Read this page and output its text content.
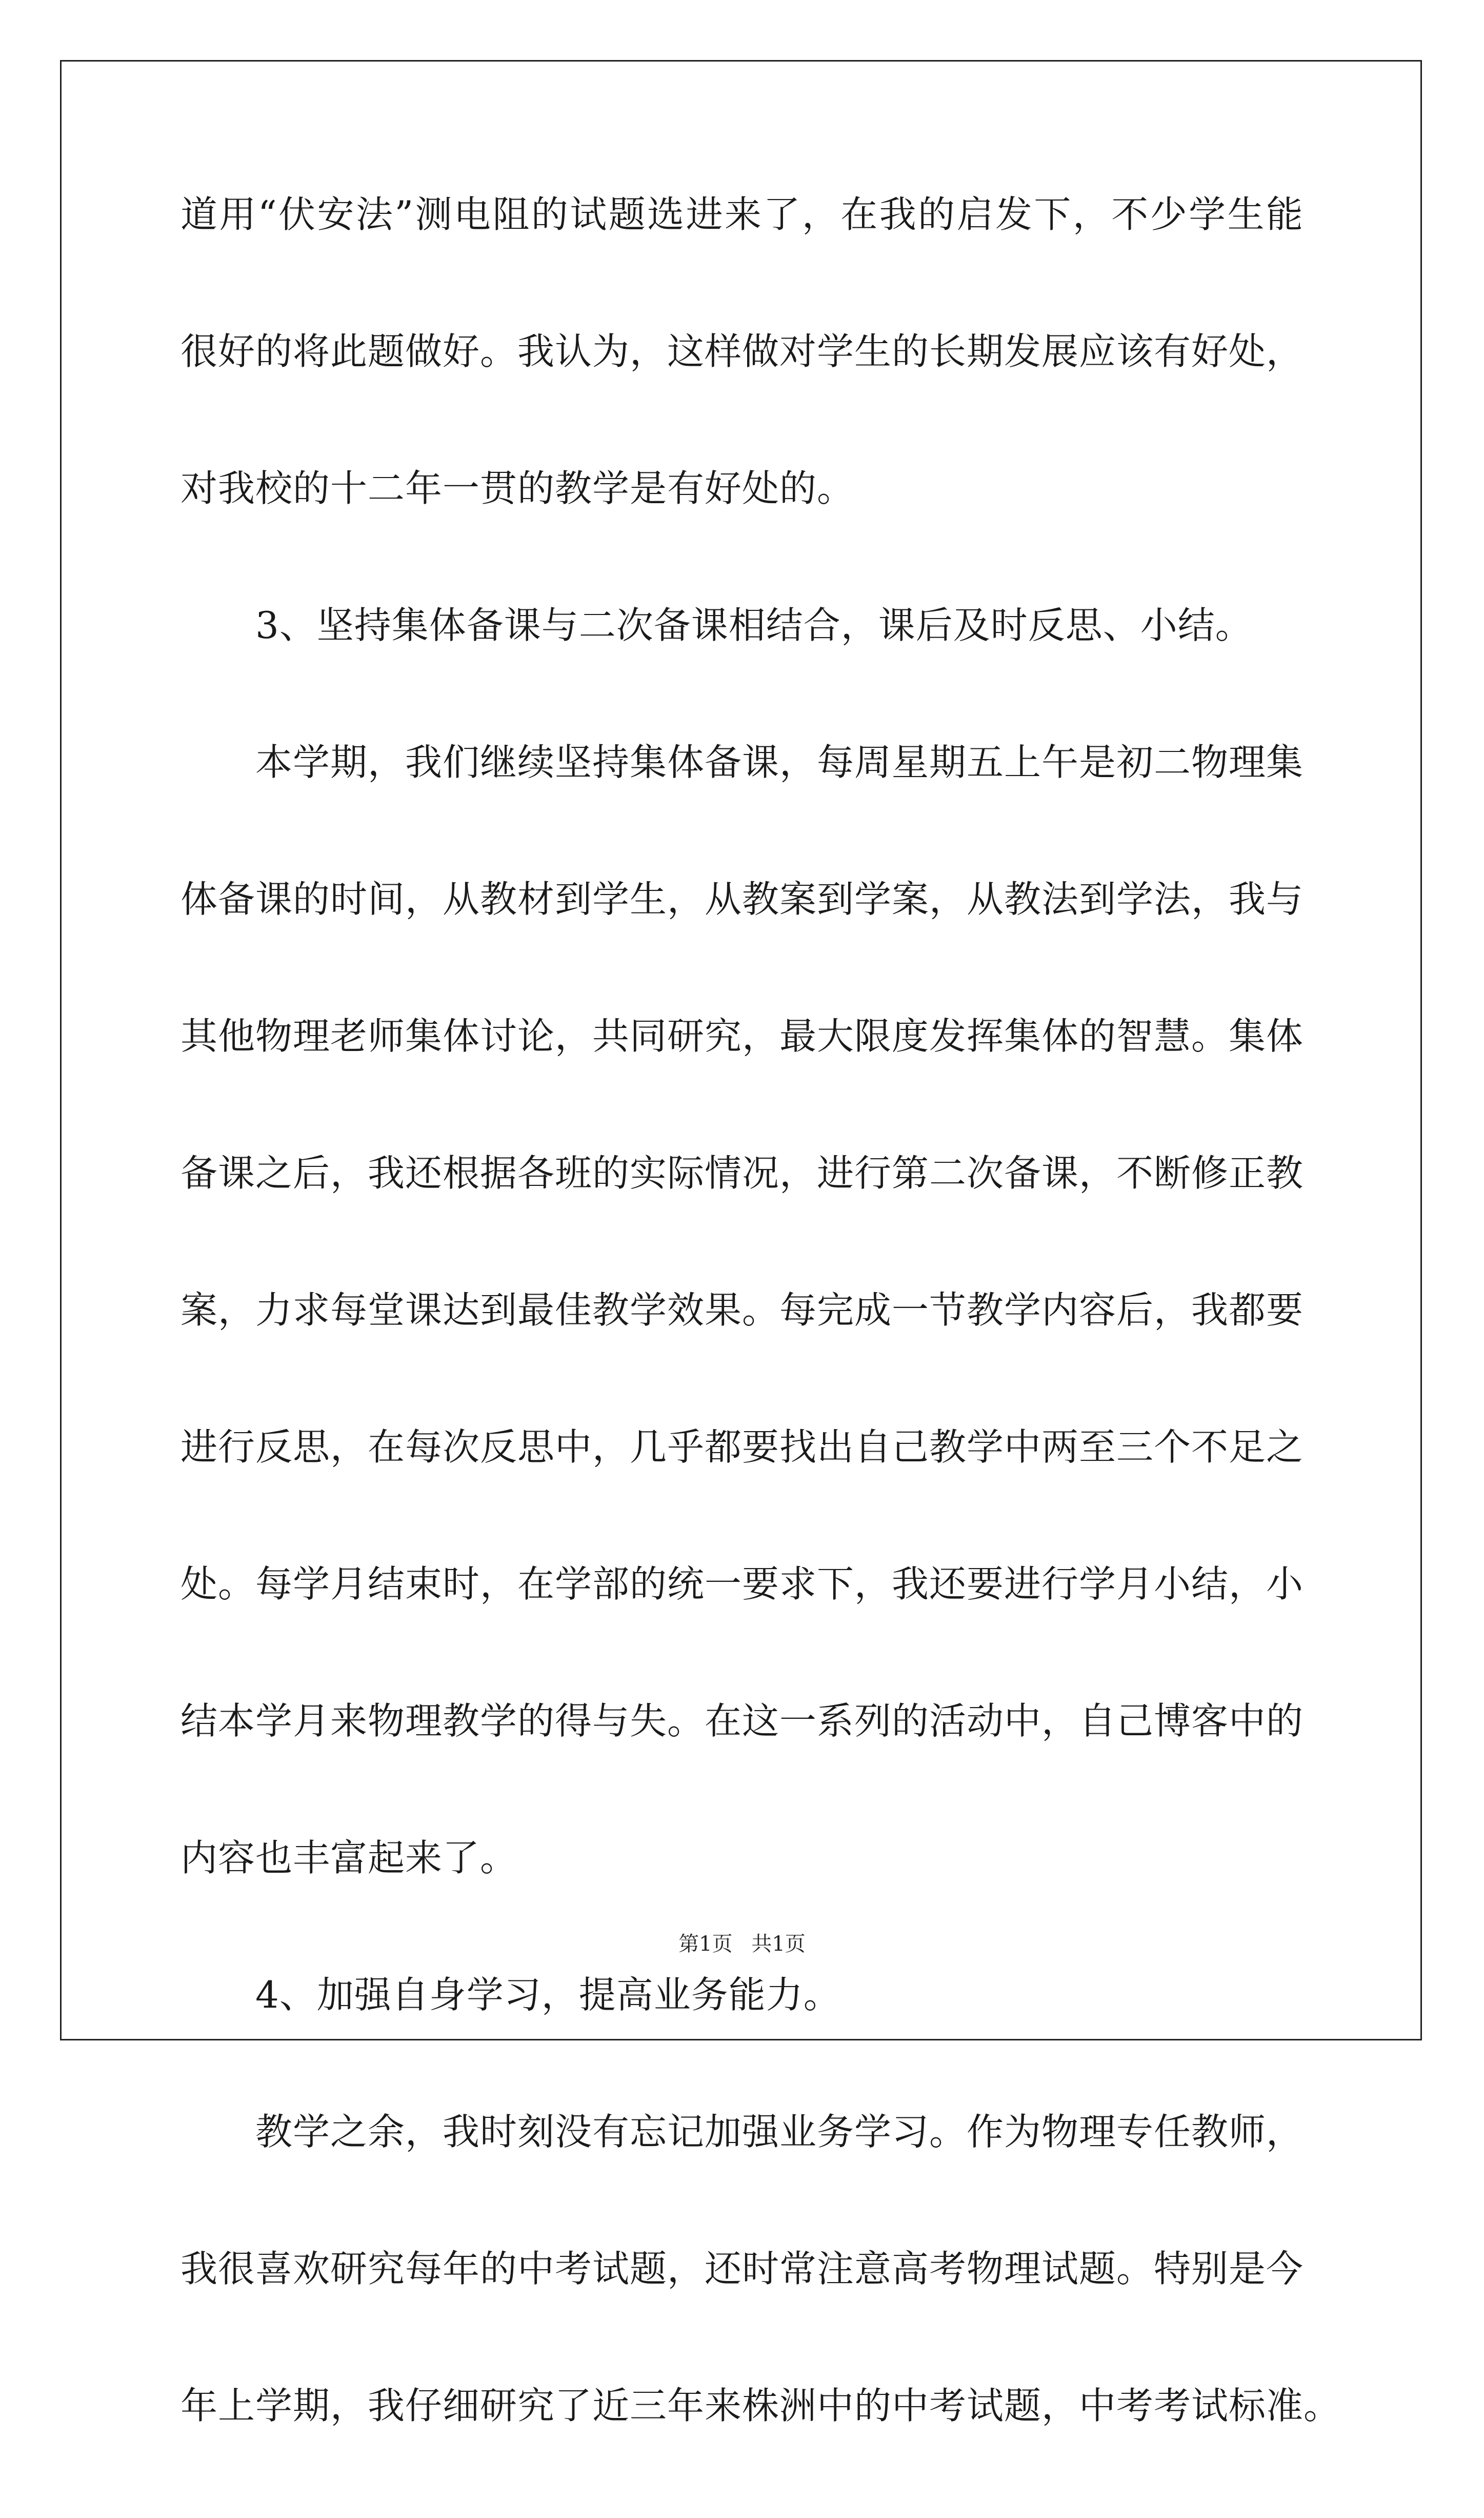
道用“伏安法”测电阻的试题选进来了，在我的启发下，不少学生能
很好的将此题做好。我认为，这样做对学生的长期发展应该有好处，
对我校的十二年一贯的教学是有好处的。
3、坚持集体备课与二次备课相结合，课后及时反思、小结。
本学期，我们继续坚持集体备课，每周星期五上午是初二物理集
体备课的时间，从教材到学生，从教案到学案，从教法到学法，我与
其他物理老师集体讨论，共同研究，最大限度发挥集体的智慧。集体
备课之后，我还根据各班的实际情况，进行第二次备课，不断修正教
案，力求每堂课达到最佳教学效果。每完成一节教学内容后，我都要
进行反思，在每次反思中，几乎都要找出自己教学中两至三个不足之
处。每学月结束时，在学部的统一要求下，我还要进行学月小结，小
结本学月来物理教学的得与失。在这一系列的活动中，自己博客中的
内容也丰富起来了。
4、加强自身学习，提高业务能力。
教学之余，我时刻没有忘记加强业务学习。作为物理专任教师，
我很喜欢研究每年的中考试题，还时常注意高考物理试题。特别是今
年上学期，我仔细研究了近三年来株洲中的中考试题，中考考试标准。
第1页 共1页
